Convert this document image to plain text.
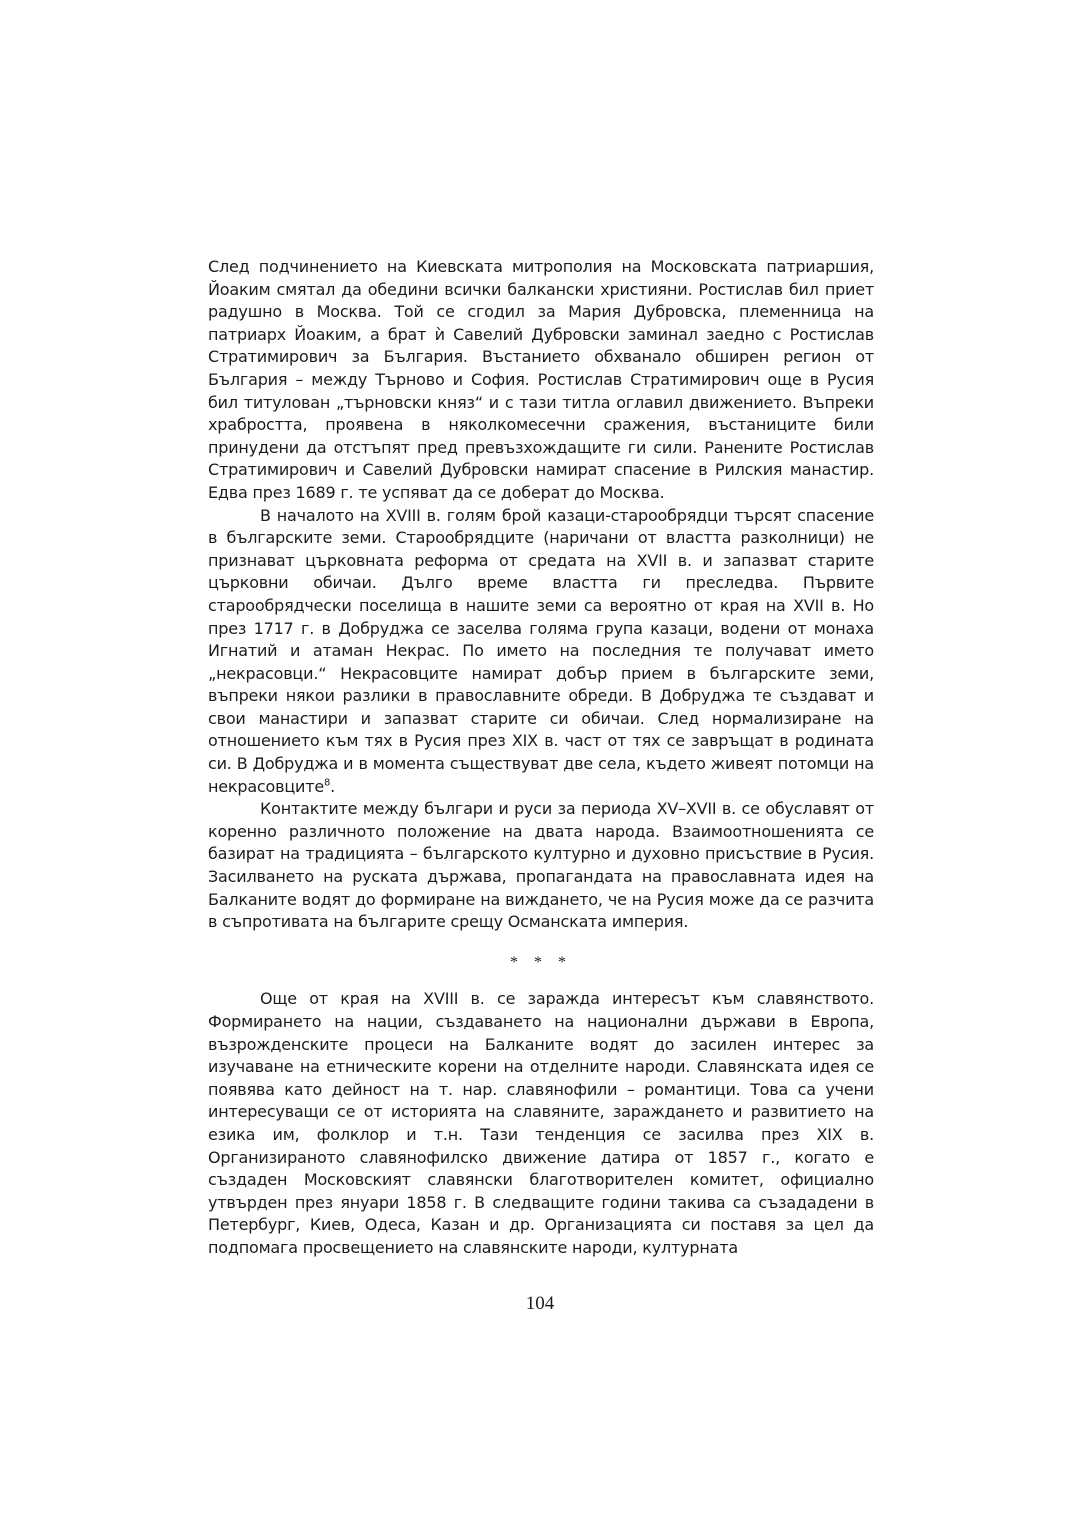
След подчинението на Киевската митрополия на Московската патриаршия, Йоаким смятал да обедини всички балкански християни. Ростислав бил приет радушно в Москва. Той се сгодил за Мария Дубровска, племенница на патриарх Йоаким, а брат ѝ Савелий Дубровски заминал заедно с Ростислав Стратимирович за България. Въстанието обхванало обширен регион от България – между Търново и София. Ростислав Стратимирович още в Русия бил титулован „търновски княз“ и с тази титла оглавил движението. Въпреки храбростта, проявена в няколкомесечни сражения, въстаниците били принудени да отстъпят пред превъзхождащите ги сили. Ранените Ростислав Стратимирович и Савелий Дубровски намират спасение в Рилския манастир. Едва през 1689 г. те успяват да се доберат до Москва.

В началото на XVIII в. голям брой казаци-старообрядци търсят спасение в българските земи. Старообрядците (наричани от властта разколници) не признават църковната реформа от средата на XVII в. и запазват старите църковни обичаи. Дълго време властта ги преследва. Първите старообрядчески поселища в нашите земи са вероятно от края на XVII в. Но през 1717 г. в Добруджа се заселва голяма група казаци, водени от монаха Игнатий и атаман Некрас. По името на последния те получават името „некрасовци.“ Некрасовците намират добър прием в българските земи, въпреки някои разлики в православните обреди. В Добруджа те създават и свои манастири и запазват старите си обичаи. След нормализиране на отношението към тях в Русия през XIX в. част от тях се завръщат в родината си. В Добруджа и в момента съществуват две села, където живеят потомци на некрасовците$^8$.

Контактите между българи и руси за периода XV–XVII в. се обуславят от коренно различното положение на двата народа. Взаимоотношенията се базират на традицията – българското културно и духовно присъствие в Русия. Засилването на руската държава, пропагандата на православната идея на Балканите водят до формиране на виждането, че на Русия може да се разчита в съпротивата на българите срещу Османската империя.

* * *

Още от края на XVIII в. се заражда интересът към славянството. Формирането на нации, създаването на национални държави в Европа, възрожденските процеси на Балканите водят до засилен интерес за изучаване на етническите корени на отделните народи. Славянската идея се появява като дейност на т. нар. славянофили – романтици. Това са учени интересуващи се от историята на славяните, зараждането и развитието на езика им, фолклор и т.н. Тази тенденция се засилва през XIX в. Организираното славянофилско движение датира от 1857 г., когато е създаден Московският славянски благотворителен комитет, официално утвърден през януари 1858 г. В следващите години такива са съзададени в Петербург, Киев, Одеса, Казан и др. Организацията си поставя за цел да подпомага просвещението на славянските народи, културната

104
